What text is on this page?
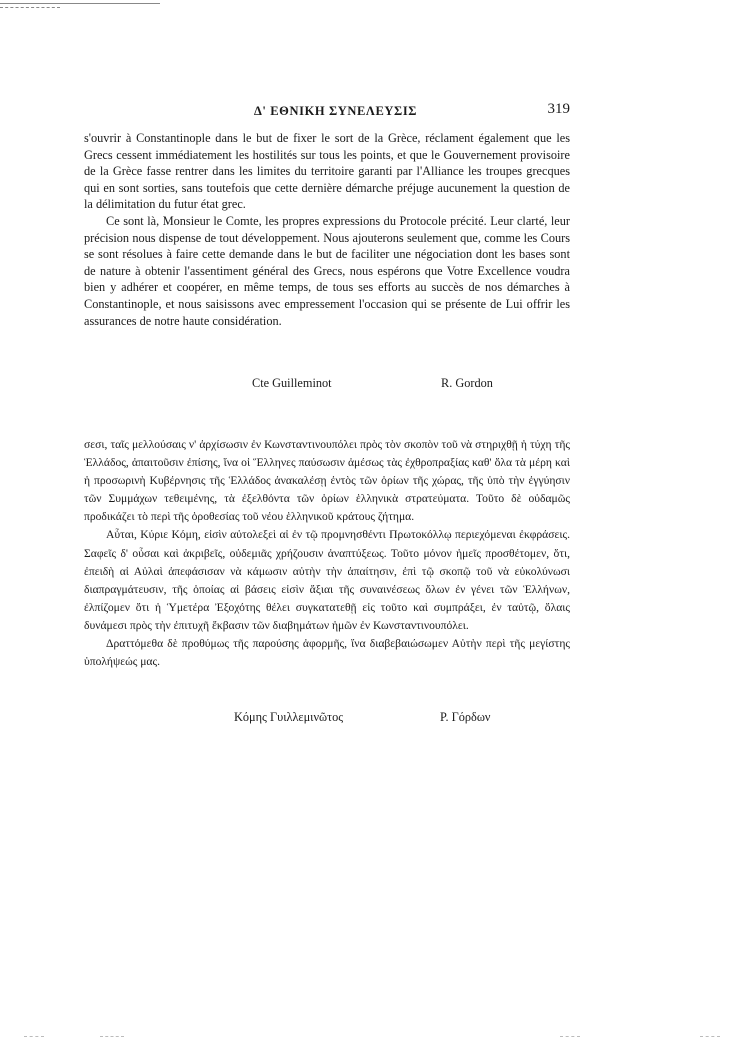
Δ' ΕΘΝΙΚΗ ΣΥΝΕΛΕΥΣΙΣ	319

s'ouvrir à Constantinople dans le but de fixer le sort de la Grèce, réclament également que les Grecs cessent immédiatement les hostilités sur tous les points, et que le Gouvernement provisoire de la Grèce fasse rentrer dans les limites du territoire garanti par l'Alliance les troupes grecques qui en sont sorties, sans toutefois que cette dernière démarche préjuge aucunement la question de la délimitation du futur état grec.

Ce sont là, Monsieur le Comte, les propres expressions du Protocole précité. Leur clarté, leur précision nous dispense de tout développement. Nous ajouterons seulement que, comme les Cours se sont résolues à faire cette demande dans le but de faciliter une négociation dont les bases sont de nature à obtenir l'assentiment général des Grecs, nous espérons que Votre Excellence voudra bien y adhérer et coopérer, en même temps, de tous ses efforts au succès de nos démarches à Constantinople, et nous saisissons avec empressement l'occasion qui se présente de Lui offrir les assurances de notre haute considération.

Cte Guilleminot	R. Gordon

σεσι, ταῖς μελλούσαις ν' ἀρχίσωσιν ἐν Κωνσταντινουπόλει πρὸς τὸν σκοπὸν τοῦ νὰ στηριχθῇ ἡ τύχη τῆς Ἑλλάδος, ἀπαιτοῦσιν ἐπίσης, ἵνα οἱ Ἕλληνες παύσωσιν ἀμέσως τὰς ἐχθροπραξίας καθ' ὅλα τὰ μέρη καὶ ἡ προσωρινὴ Κυβέρνησις τῆς Ἑλλάδος ἀνακαλέσῃ ἐντὸς τῶν ὁρίων τῆς χώρας, τῆς ὑπὸ τὴν ἐγγύησιν τῶν Συμμάχων τεθειμένης, τὰ ἐξελθόντα τῶν ὁρίων ἑλληνικὰ στρατεύματα. Τοῦτο δὲ οὐδαμῶς προδικάζει τὸ περὶ τῆς ὁροθεσίας τοῦ νέου ἑλληνικοῦ κράτους ζήτημα.

Αὗται, Κύριε Κόμη, εἰσὶν αὐτολεξεὶ αἱ ἐν τῷ προμνησθέντι Πρωτοκόλλῳ περιεχόμεναι ἐκφράσεις. Σαφεῖς δ' οὖσαι καὶ ἀκριβεῖς, οὐδεμιᾶς χρήζουσιν ἀναπτύξεως. Τοῦτο μόνον ἡμεῖς προσθέτομεν, ὅτι, ἐπειδὴ αἱ Αὐλαὶ ἀπεφάσισαν νὰ κάμωσιν αὐτὴν τὴν ἀπαίτησιν, ἐπὶ τῷ σκοπῷ τοῦ νὰ εὐκολύνωσι διαπραγμάτευσιν, τῆς ὁποίας αἱ βάσεις εἰσὶν ἄξιαι τῆς συναινέσεως ὅλων ἐν γένει τῶν Ἑλλήνων, ἐλπίζομεν ὅτι ἡ Ὑμετέρα Ἐξοχότης θέλει συγκατατεθῇ εἰς τοῦτο καὶ συμπράξει, ἐν ταὐτῷ, ὅλαις δυνάμεσι πρὸς τὴν ἐπιτυχῆ ἔκβασιν τῶν διαβημάτων ἡμῶν ἐν Κωνσταντινουπόλει.

Δραττόμεθα δὲ προθύμως τῆς παρούσης ἀφορμῆς, ἵνα διαβεβαιώσωμεν Αὐτὴν περὶ τῆς μεγίστης ὑπολήψεώς μας.

Κόμης Γυιλλεμινῶτος	Ρ. Γόρδων
